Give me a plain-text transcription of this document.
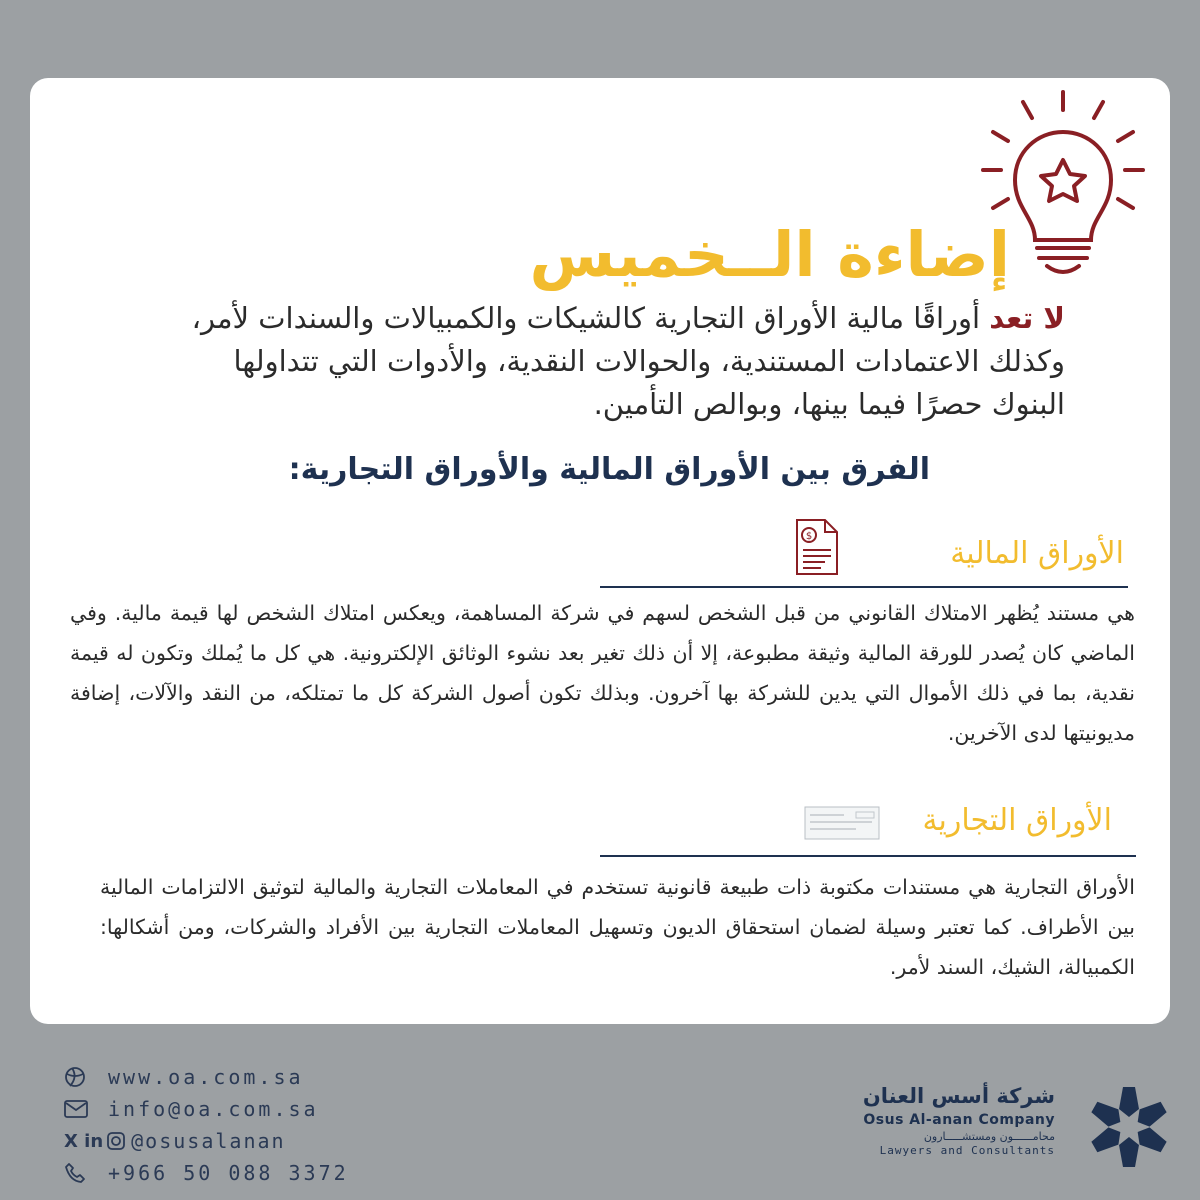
إضاءة الــخميس
لا تعد أوراقًا مالية الأوراق التجارية كالشيكات والكمبيالات والسندات لأمر، وكذلك الاعتمادات المستندية، والحوالات النقدية، والأدوات التي تتداولها البنوك حصرًا فيما بينها، وبوالص التأمين.
الفرق بين الأوراق المالية والأوراق التجارية:
$	الأوراق المالية
هي مستند يُظهر الامتلاك القانوني من قبل الشخص لسهم في شركة المساهمة، ويعكس امتلاك الشخص لها قيمة مالية. وفي الماضي كان يُصدر للورقة المالية وثيقة مطبوعة، إلا أن ذلك تغير بعد نشوء الوثائق الإلكترونية. هي كل ما يُملك وتكون له قيمة نقدية، بما في ذلك الأموال التي يدين للشركة بها آخرون. وبذلك تكون أصول الشركة كل ما تمتلكه، من النقد والآلات، إضافة مديونيتها لدى الآخرين.
الأوراق التجارية
الأوراق التجارية هي مستندات مكتوبة ذات طبيعة قانونية تستخدم في المعاملات التجارية والمالية لتوثيق الالتزامات المالية بين الأطراف. كما تعتبر وسيلة لضمان استحقاق الديون وتسهيل المعاملات التجارية بين الأفراد والشركات، ومن أشكالها: الكمبيالة، الشيك، السند لأمر.
www.oa.com.sa
info@oa.com.sa
X in @osusalanan
+966 50 088 3372
شركة أسس العنان
Osus Al-anan Company
محامــــــون ومستشـــــارون
Lawyers and Consultants
